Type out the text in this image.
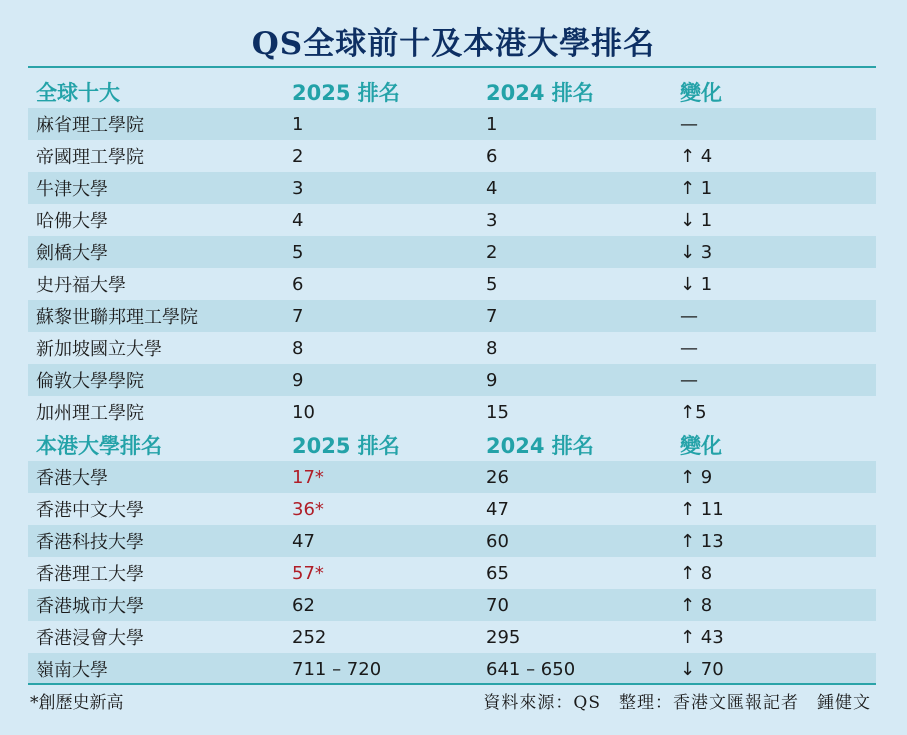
QS全球前十及本港大學排名
全球十大	2025 排名	2024 排名	變化
麻省理工學院	1	1	—
帝國理工學院	2	6	↑ 4
牛津大學	3	4	↑ 1
哈佛大學	4	3	↓ 1
劍橋大學	5	2	↓ 3
史丹福大學	6	5	↓ 1
蘇黎世聯邦理工學院	7	7	—
新加坡國立大學	8	8	—
倫敦大學學院	9	9	—
加州理工學院	10	15	↑5
本港大學排名	2025 排名	2024 排名	變化
香港大學	17*	26	↑ 9
香港中文大學	36*	47	↑ 11
香港科技大學	47	60	↑ 13
香港理工大學	57*	65	↑ 8
香港城市大學	62	70	↑ 8
香港浸會大學	252	295	↑ 43
嶺南大學	711 – 720	641 – 650	↓ 70
*創歷史新高	資料來源：QS　整理：香港文匯報記者　鍾健文
